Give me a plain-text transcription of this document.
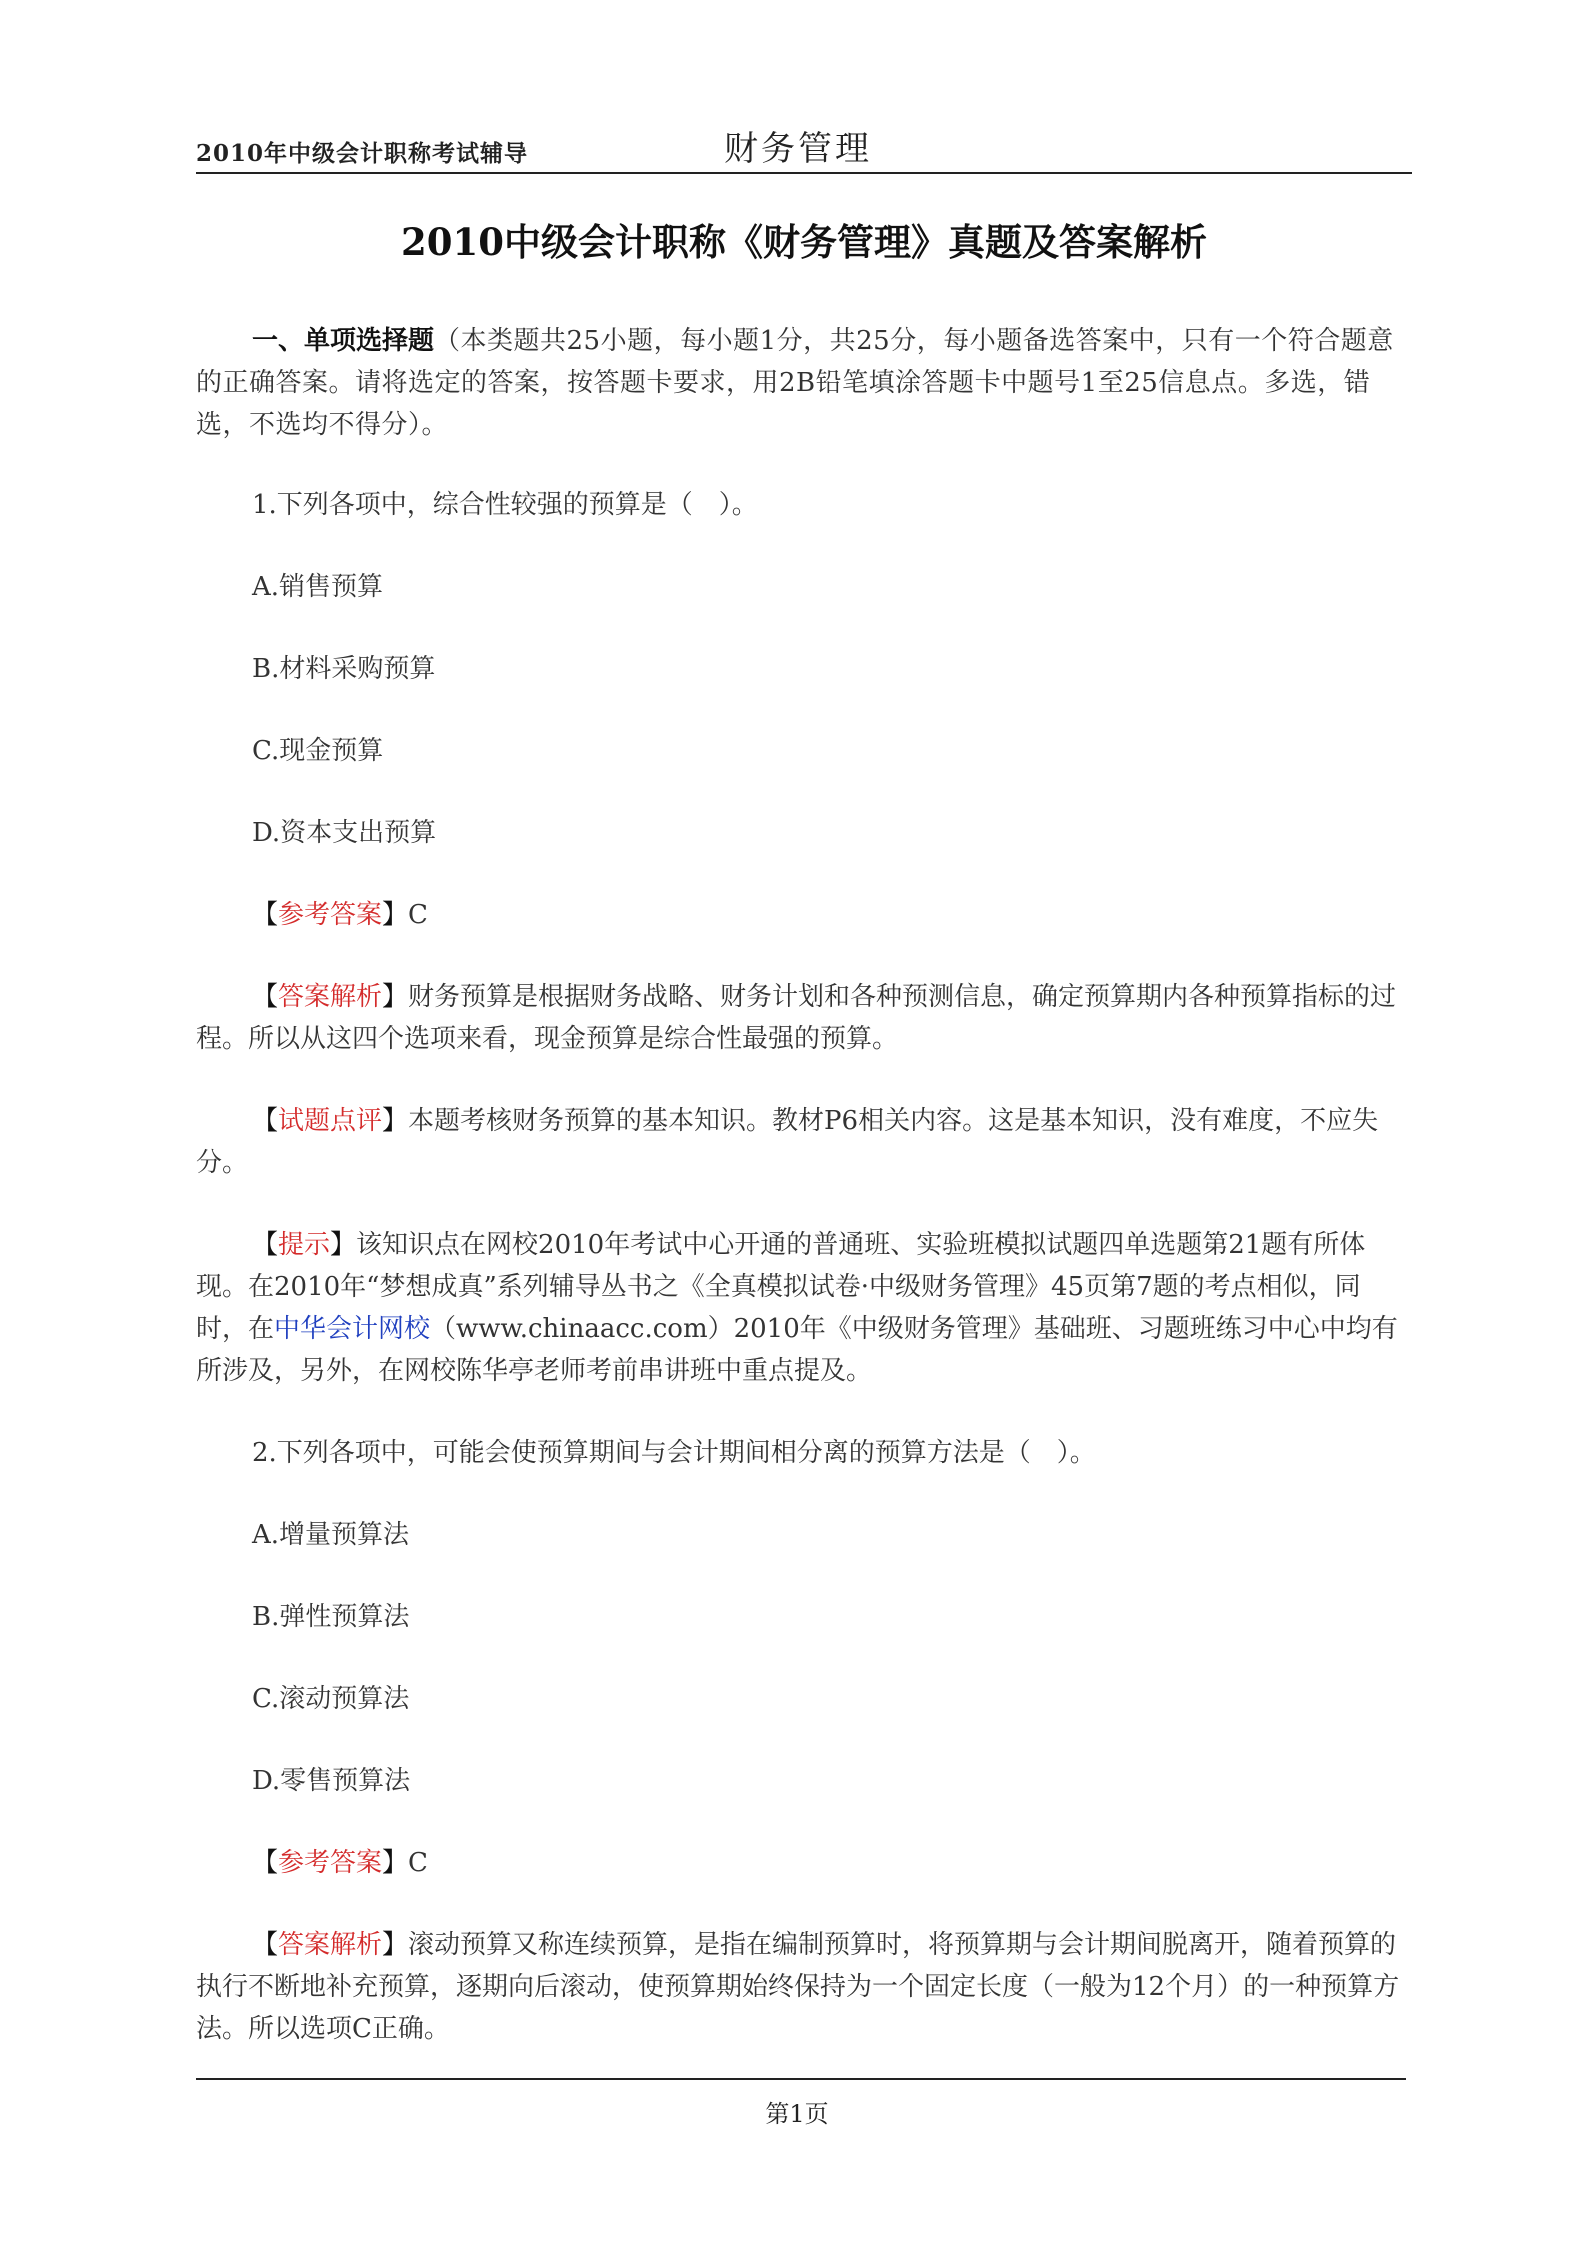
2010年中级会计职称考试辅导	财务管理
2010中级会计职称《财务管理》真题及答案解析

一、单项选择题（本类题共25小题，每小题1分，共25分，每小题备选答案中，只有一个符合题意的正确答案。请将选定的答案，按答题卡要求，用2B铅笔填涂答题卡中题号1至25信息点。多选，错选，不选均不得分）。

1.下列各项中，综合性较强的预算是（　）。

A.销售预算

B.材料采购预算

C.现金预算

D.资本支出预算

【参考答案】C

【答案解析】财务预算是根据财务战略、财务计划和各种预测信息，确定预算期内各种预算指标的过程。所以从这四个选项来看，现金预算是综合性最强的预算。

【试题点评】本题考核财务预算的基本知识。教材P6相关内容。这是基本知识，没有难度，不应失分。

【提示】该知识点在网校2010年考试中心开通的普通班、实验班模拟试题四单选题第21题有所体现。在2010年“梦想成真”系列辅导丛书之《全真模拟试卷·中级财务管理》45页第7题的考点相似，同时，在中华会计网校（www.chinaacc.com）2010年《中级财务管理》基础班、习题班练习中心中均有所涉及，另外，在网校陈华亭老师考前串讲班中重点提及。

2.下列各项中，可能会使预算期间与会计期间相分离的预算方法是（　）。

A.增量预算法

B.弹性预算法

C.滚动预算法

D.零售预算法

【参考答案】C

【答案解析】滚动预算又称连续预算，是指在编制预算时，将预算期与会计期间脱离开，随着预算的执行不断地补充预算，逐期向后滚动，使预算期始终保持为一个固定长度（一般为12个月）的一种预算方法。所以选项C正确。

第1页
